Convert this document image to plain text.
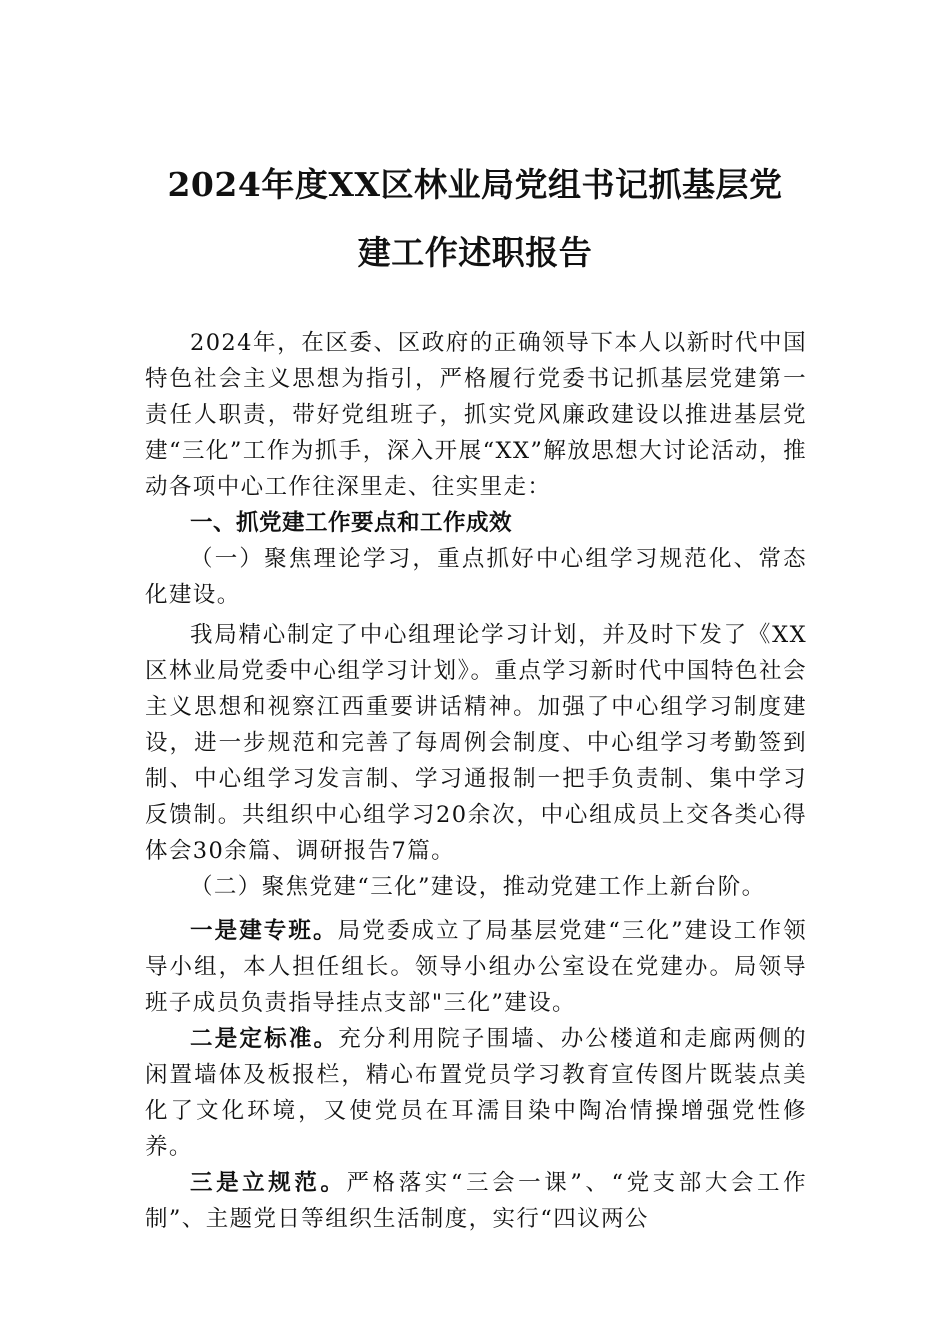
2024年度XX区林业局党组书记抓基层党
建工作述职报告

2024年，在区委、区政府的正确领导下本人以新时代中国特色社会主义思想为指引，严格履行党委书记抓基层党建第一责任人职责，带好党组班子，抓实党风廉政建设以推进基层党建“三化”工作为抓手，深入开展“XX”解放思想大讨论活动，推动各项中心工作往深里走、往实里走：

一、抓党建工作要点和工作成效

（一）聚焦理论学习，重点抓好中心组学习规范化、常态化建设。

我局精心制定了中心组理论学习计划，并及时下发了《XX区林业局党委中心组学习计划》。重点学习新时代中国特色社会主义思想和视察江西重要讲话精神。加强了中心组学习制度建设，进一步规范和完善了每周例会制度、中心组学习考勤签到制、中心组学习发言制、学习通报制一把手负责制、集中学习反馈制。共组织中心组学习20余次，中心组成员上交各类心得体会30余篇、调研报告7篇。

（二）聚焦党建“三化”建设，推动党建工作上新台阶。

一是建专班。局党委成立了局基层党建“三化”建设工作领导小组，本人担任组长。领导小组办公室设在党建办。局领导班子成员负责指导挂点支部"三化”建设。

二是定标准。充分利用院子围墙、办公楼道和走廊两侧的闲置墙体及板报栏，精心布置党员学习教育宣传图片既装点美化了文化环境，又使党员在耳濡目染中陶冶情操增强党性修养。

三是立规范。严格落实“三会一课”、“党支部大会工作制”、主题党日等组织生活制度，实行“四议两公
